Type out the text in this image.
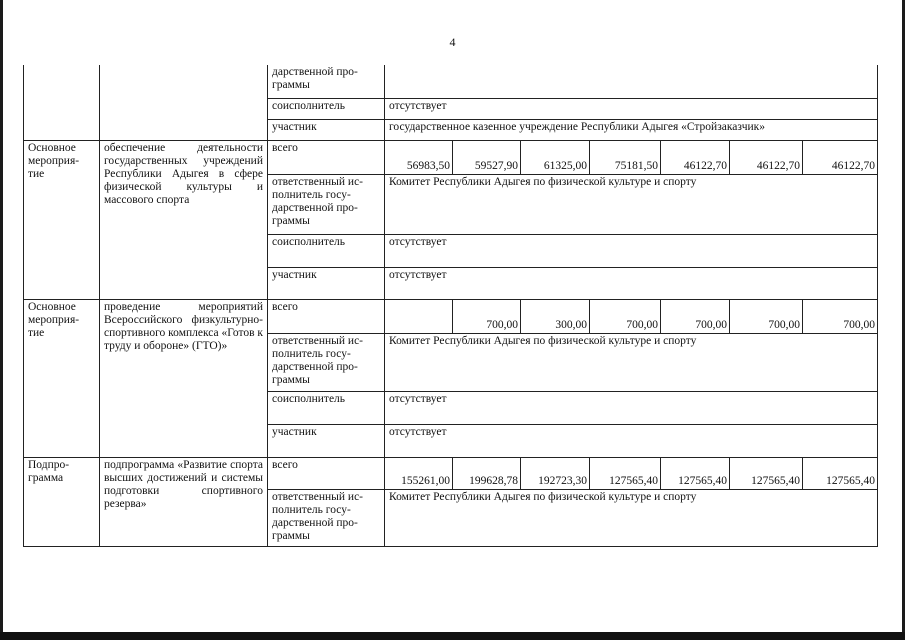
4
		дарственной про-
граммы							
		соисполнитель	отсутствует						
		участник	государственное казенное учреждение Республики Адыгея «Стройзаказчик»						
Основное мероприя-
тие	обеспечение деятельности государственных учреждений Республики Адыгея в сфере физической культуры и массового спорта	всего	56983,50	59527,90	61325,00	75181,50	46122,70	46122,70	46122,70
		ответственный ис-
полнитель госу-
дарственной про-
граммы	Комитет Республики Адыгея по физической культуре и спорту						
		соисполнитель	отсутствует						
		участник	отсутствует						
Основное мероприя-
тие	проведение мероприятий Всероссийского физкультурно-спортивного комплекса «Готов к труду и обороне» (ГТО)»	всего		700,00	300,00	700,00	700,00	700,00	700,00
		ответственный ис-
полнитель госу-
дарственной про-
граммы	Комитет Республики Адыгея по физической культуре и спорту						
		соисполнитель	отсутствует						
		участник	отсутствует						
Подпро-
грамма	подпрограмма «Развитие спорта высших достижений и системы подготовки спортивного резерва»	всего	155261,00	199628,78	192723,30	127565,40	127565,40	127565,40	127565,40
		ответственный ис-
полнитель госу-
дарственной про-
граммы	Комитет Республики Адыгея по физической культуре и спорту						
